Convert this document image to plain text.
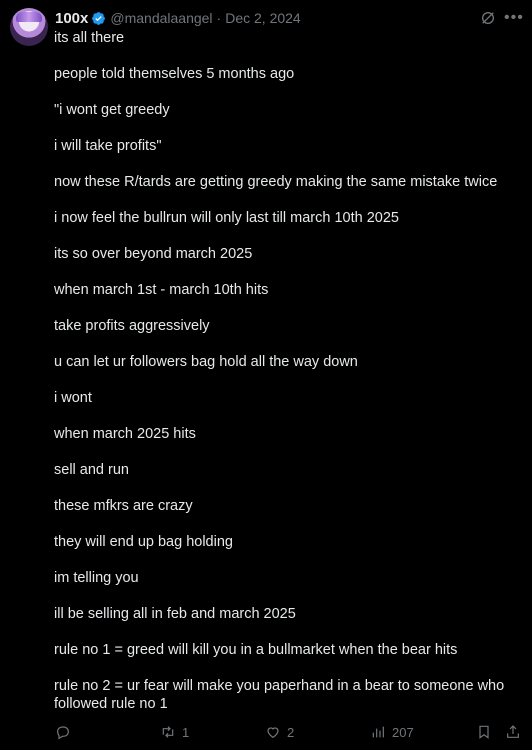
100x @mandalaangel · Dec 2, 2024	•••

its all there

people told themselves 5 months ago

"i wont get greedy

i will take profits"

now these R/tards are getting greedy making the same mistake twice

i now feel the bullrun will only last till march 10th 2025

its so over beyond march 2025

when march 1st - march 10th hits

take profits aggressively

u can let ur followers bag hold all the way down

i wont

when march 2025 hits

sell and run

these mfkrs are crazy

they will end up bag holding

im telling you

ill be selling all in feb and march 2025

rule no 1 = greed will kill you in a bullmarket when the bear hits

rule no 2 = ur fear will make you paperhand in a bear to someone who followed rule no 1

1	2	207
